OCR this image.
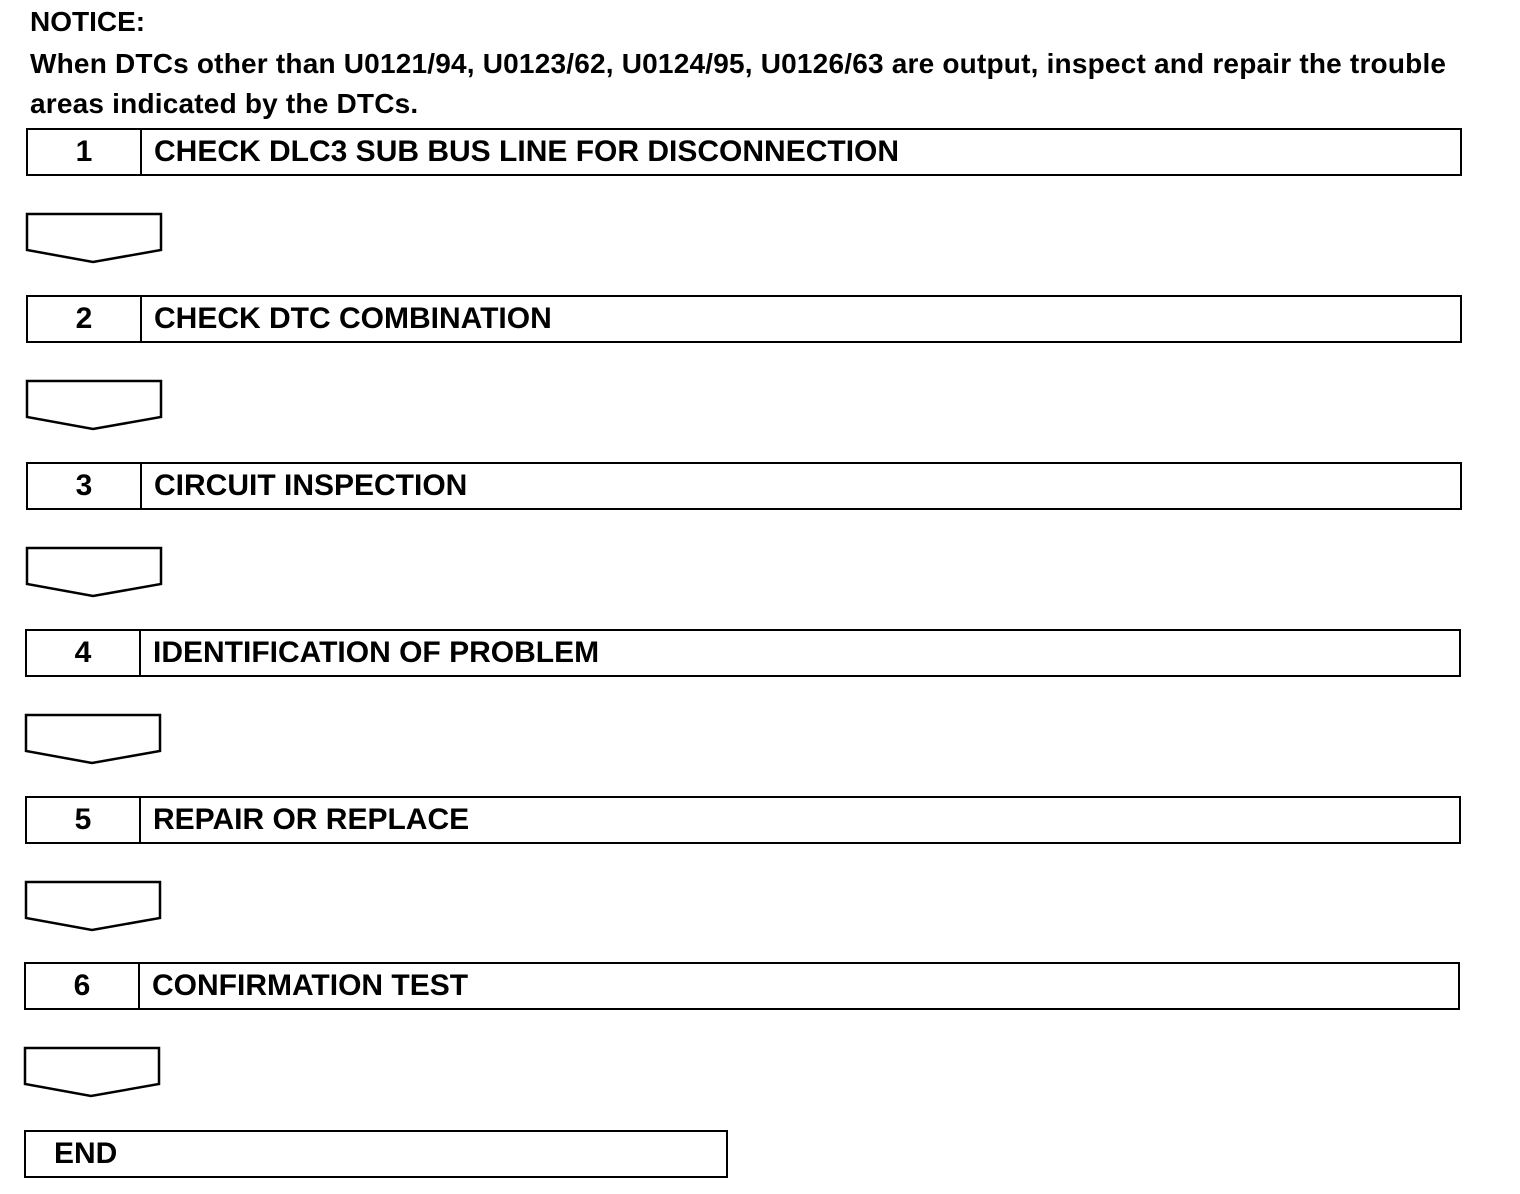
NOTICE:
When DTCs other than U0121/94, U0123/62, U0124/95, U0126/63 are output, inspect and repair the trouble areas indicated by the DTCs.
1	CHECK DLC3 SUB BUS LINE FOR DISCONNECTION
2	CHECK DTC COMBINATION
3	CIRCUIT INSPECTION
4	IDENTIFICATION OF PROBLEM
5	REPAIR OR REPLACE
6	CONFIRMATION TEST
END
